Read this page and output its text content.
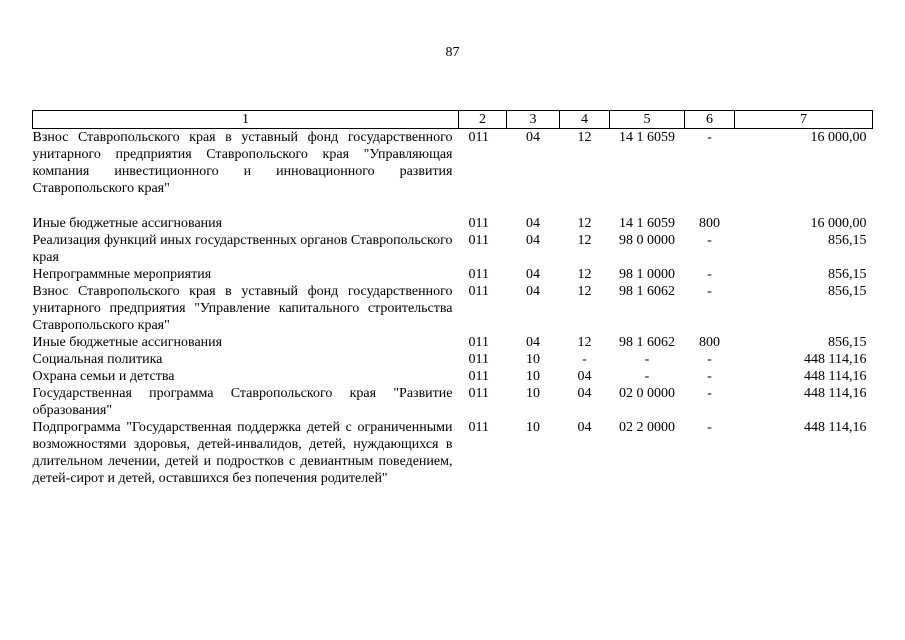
87
1	2	3	4	5	6	7
Взнос Ставропольского края в уставный фонд государственного унитарного предприятия Ставропольского края "Управляющая компания инвестиционного и инновационного развития Ставропольского края"	011	04	12	14 1 6059	-	16 000,00

Иные бюджетные ассигнования	011	04	12	14 1 6059	800	16 000,00
Реализация функций иных государственных органов Ставропольского края	011	04	12	98 0 0000	-	856,15
Непрограммные мероприятия	011	04	12	98 1 0000	-	856,15
Взнос Ставропольского края в уставный фонд государственного унитарного предприятия "Управление капитального строительства Ставропольского края"	011	04	12	98 1 6062	-	856,15
Иные бюджетные ассигнования	011	04	12	98 1 6062	800	856,15
Социальная политика	011	10	-	-	-	448 114,16
Охрана семьи и детства	011	10	04	-	-	448 114,16
Государственная программа Ставропольского края "Развитие образования"	011	10	04	02 0 0000	-	448 114,16
Подпрограмма "Государственная поддержка детей с ограниченными возможностями здоровья, детей-инвалидов, детей, нуждающихся в длительном лечении, детей и подростков с девиантным поведением, детей-сирот и детей, оставшихся без попечения родителей"	011	10	04	02 2 0000	-	448 114,16
